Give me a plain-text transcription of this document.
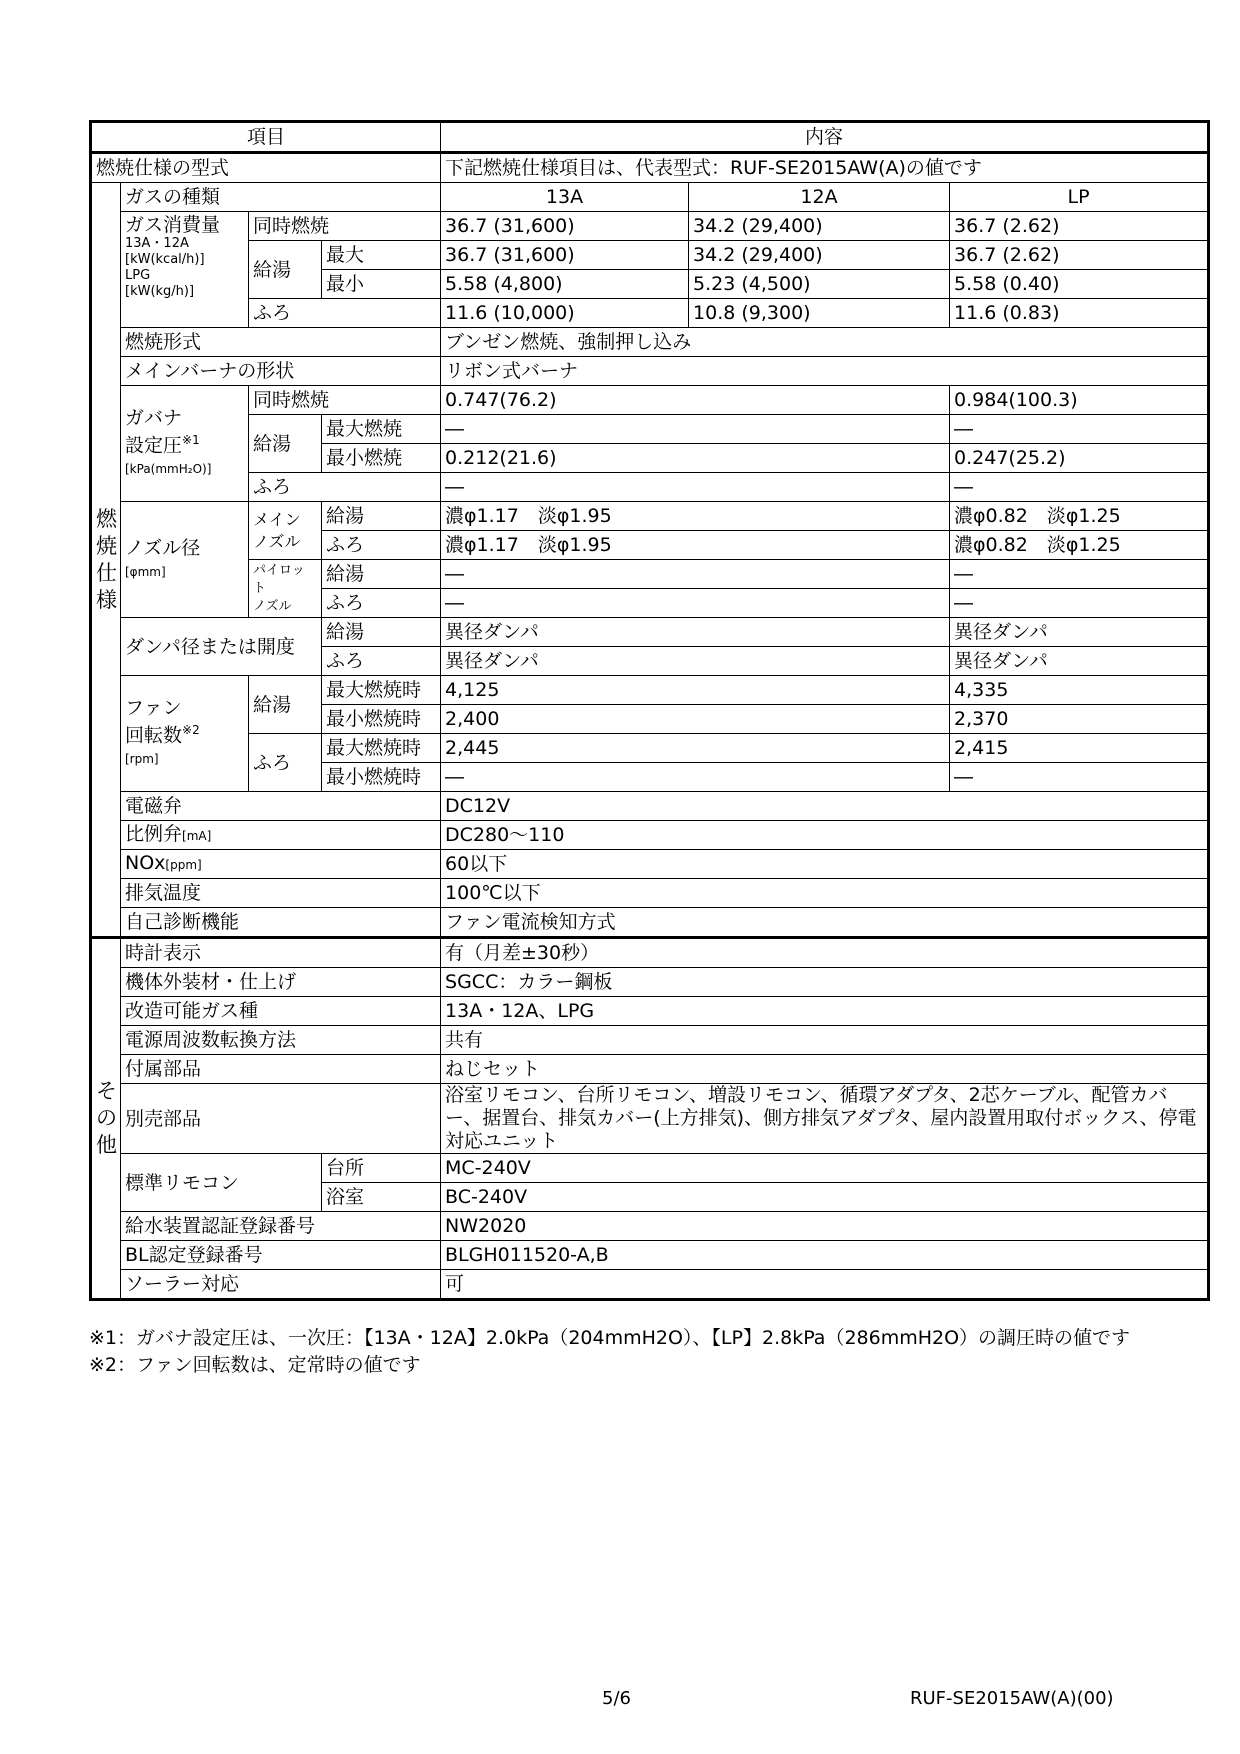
項目				内容		
燃焼仕様の型式				下記燃焼仕様項目は、代表型式：RUF-SE2015AW(A)の値です		
燃焼仕様	ガスの種類			13A	12A	LP
	ガス消費量
13A・12A
[kW(kcal/h)]
LPG
[kW(kg/h)]	同時燃焼		36.7 (31,600)	34.2 (29,400)	36.7 (2.62)
		給湯	最大	36.7 (31,600)	34.2 (29,400)	36.7 (2.62)
			最小	5.58 (4,800)	5.23 (4,500)	5.58 (0.40)
		ふろ		11.6 (10,000)	10.8 (9,300)	11.6 (0.83)
	燃焼形式			ブンゼン燃焼、強制押し込み		
	メインバーナの形状			リボン式バーナ		
	ガバナ
設定圧$^{※1}$
[kPa(mmH₂O)]	同時燃焼		0.747(76.2)		0.984(100.3)
		給湯	最大燃焼	―		―
			最小燃焼	0.212(21.6)		0.247(25.2)
		ふろ		―		―
	ノズル径
[φmm]	メイン
ノズル	給湯	濃φ1.17　淡φ1.95		濃φ0.82　淡φ1.25
			ふろ	濃φ1.17　淡φ1.95		濃φ0.82　淡φ1.25
		パイロット
ノズル	給湯	―		―
			ふろ	―		―
	ダンパ径または開度		給湯	異径ダンパ		異径ダンパ
			ふろ	異径ダンパ		異径ダンパ
	ファン
回転数$^{※2}$
[rpm]	給湯	最大燃焼時	4,125		4,335
			最小燃焼時	2,400		2,370
		ふろ	最大燃焼時	2,445		2,415
			最小燃焼時	―		―
	電磁弁			DC12V		
	比例弁[mA]			DC280～110		
	NOx[ppm]			60以下		
	排気温度			100℃以下		
	自己診断機能			ファン電流検知方式		
その他	時計表示			有（月差±30秒）		
	機体外装材・仕上げ			SGCC：カラー鋼板		
	改造可能ガス種			13A・12A、LPG		
	電源周波数転換方法			共有		
	付属部品			ねじセット		
	別売部品			浴室リモコン、台所リモコン、増設リモコン、循環アダプタ、2芯ケーブル、配管カバー、据置台、排気カバー(上方排気)、側方排気アダプタ、屋内設置用取付ボックス、停電対応ユニット		
	標準リモコン		台所	MC-240V		
			浴室	BC-240V		
	給水装置認証登録番号			NW2020		
	BL認定登録番号			BLGH011520-A,B		
	ソーラー対応			可		
※1：ガバナ設定圧は、一次圧：【13A・12A】2.0kPa（204mmH2O）、【LP】2.8kPa（286mmH2O）の調圧時の値です
※2：ファン回転数は、定常時の値です
5/6	RUF-SE2015AW(A)(00)
